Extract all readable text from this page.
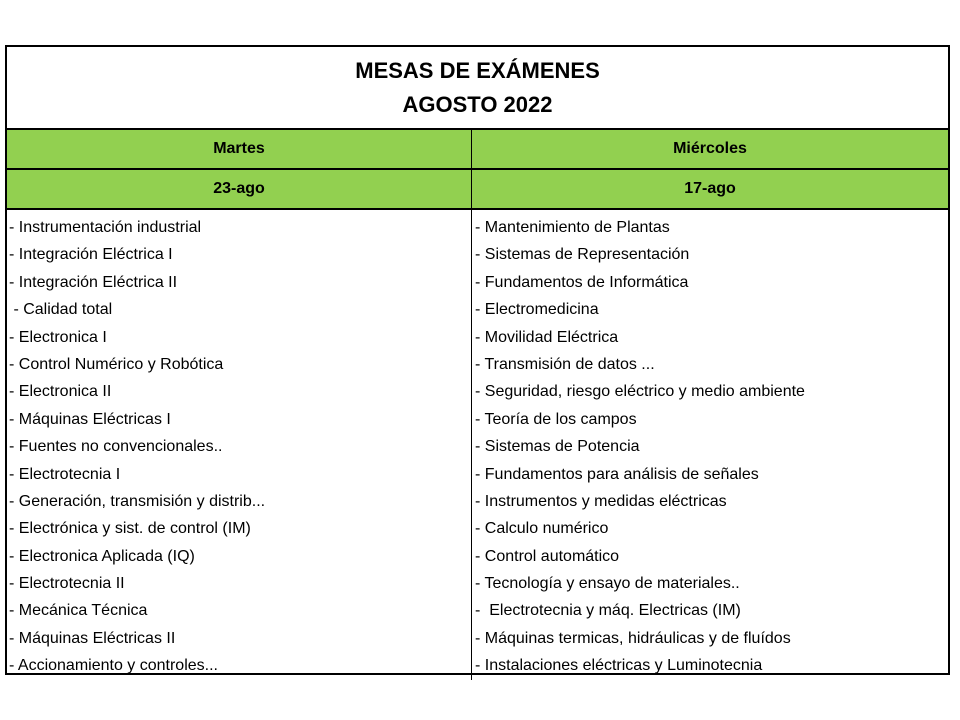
MESAS DE EXÁMENES
AGOSTO 2022
Martes	Miércoles
23-ago	17-ago
- Instrumentación industrial
- Integración Eléctrica I
- Integración Eléctrica II
- Calidad total
- Electronica I
- Control Numérico y Robótica
- Electronica II
- Máquinas Eléctricas I
- Fuentes no convencionales..
- Electrotecnia I
- Generación, transmisión y distrib...
- Electrónica y sist. de control (IM)
- Electronica Aplicada (IQ)
- Electrotecnia II
- Mecánica Técnica
- Máquinas Eléctricas II
- Accionamiento y controles...
- Mantenimiento de Plantas
- Sistemas de Representación
- Fundamentos de Informática
- Electromedicina
- Movilidad Eléctrica
- Transmisión de datos ...
- Seguridad, riesgo eléctrico y medio ambiente
- Teoría de los campos
- Sistemas de Potencia
- Fundamentos para análisis de señales
- Instrumentos y medidas eléctricas
- Calculo numérico
- Control automático
- Tecnología y ensayo de materiales..
-  Electrotecnia y máq. Electricas (IM)
- Máquinas termicas, hidráulicas y de fluídos
- Instalaciones eléctricas y Luminotecnia
